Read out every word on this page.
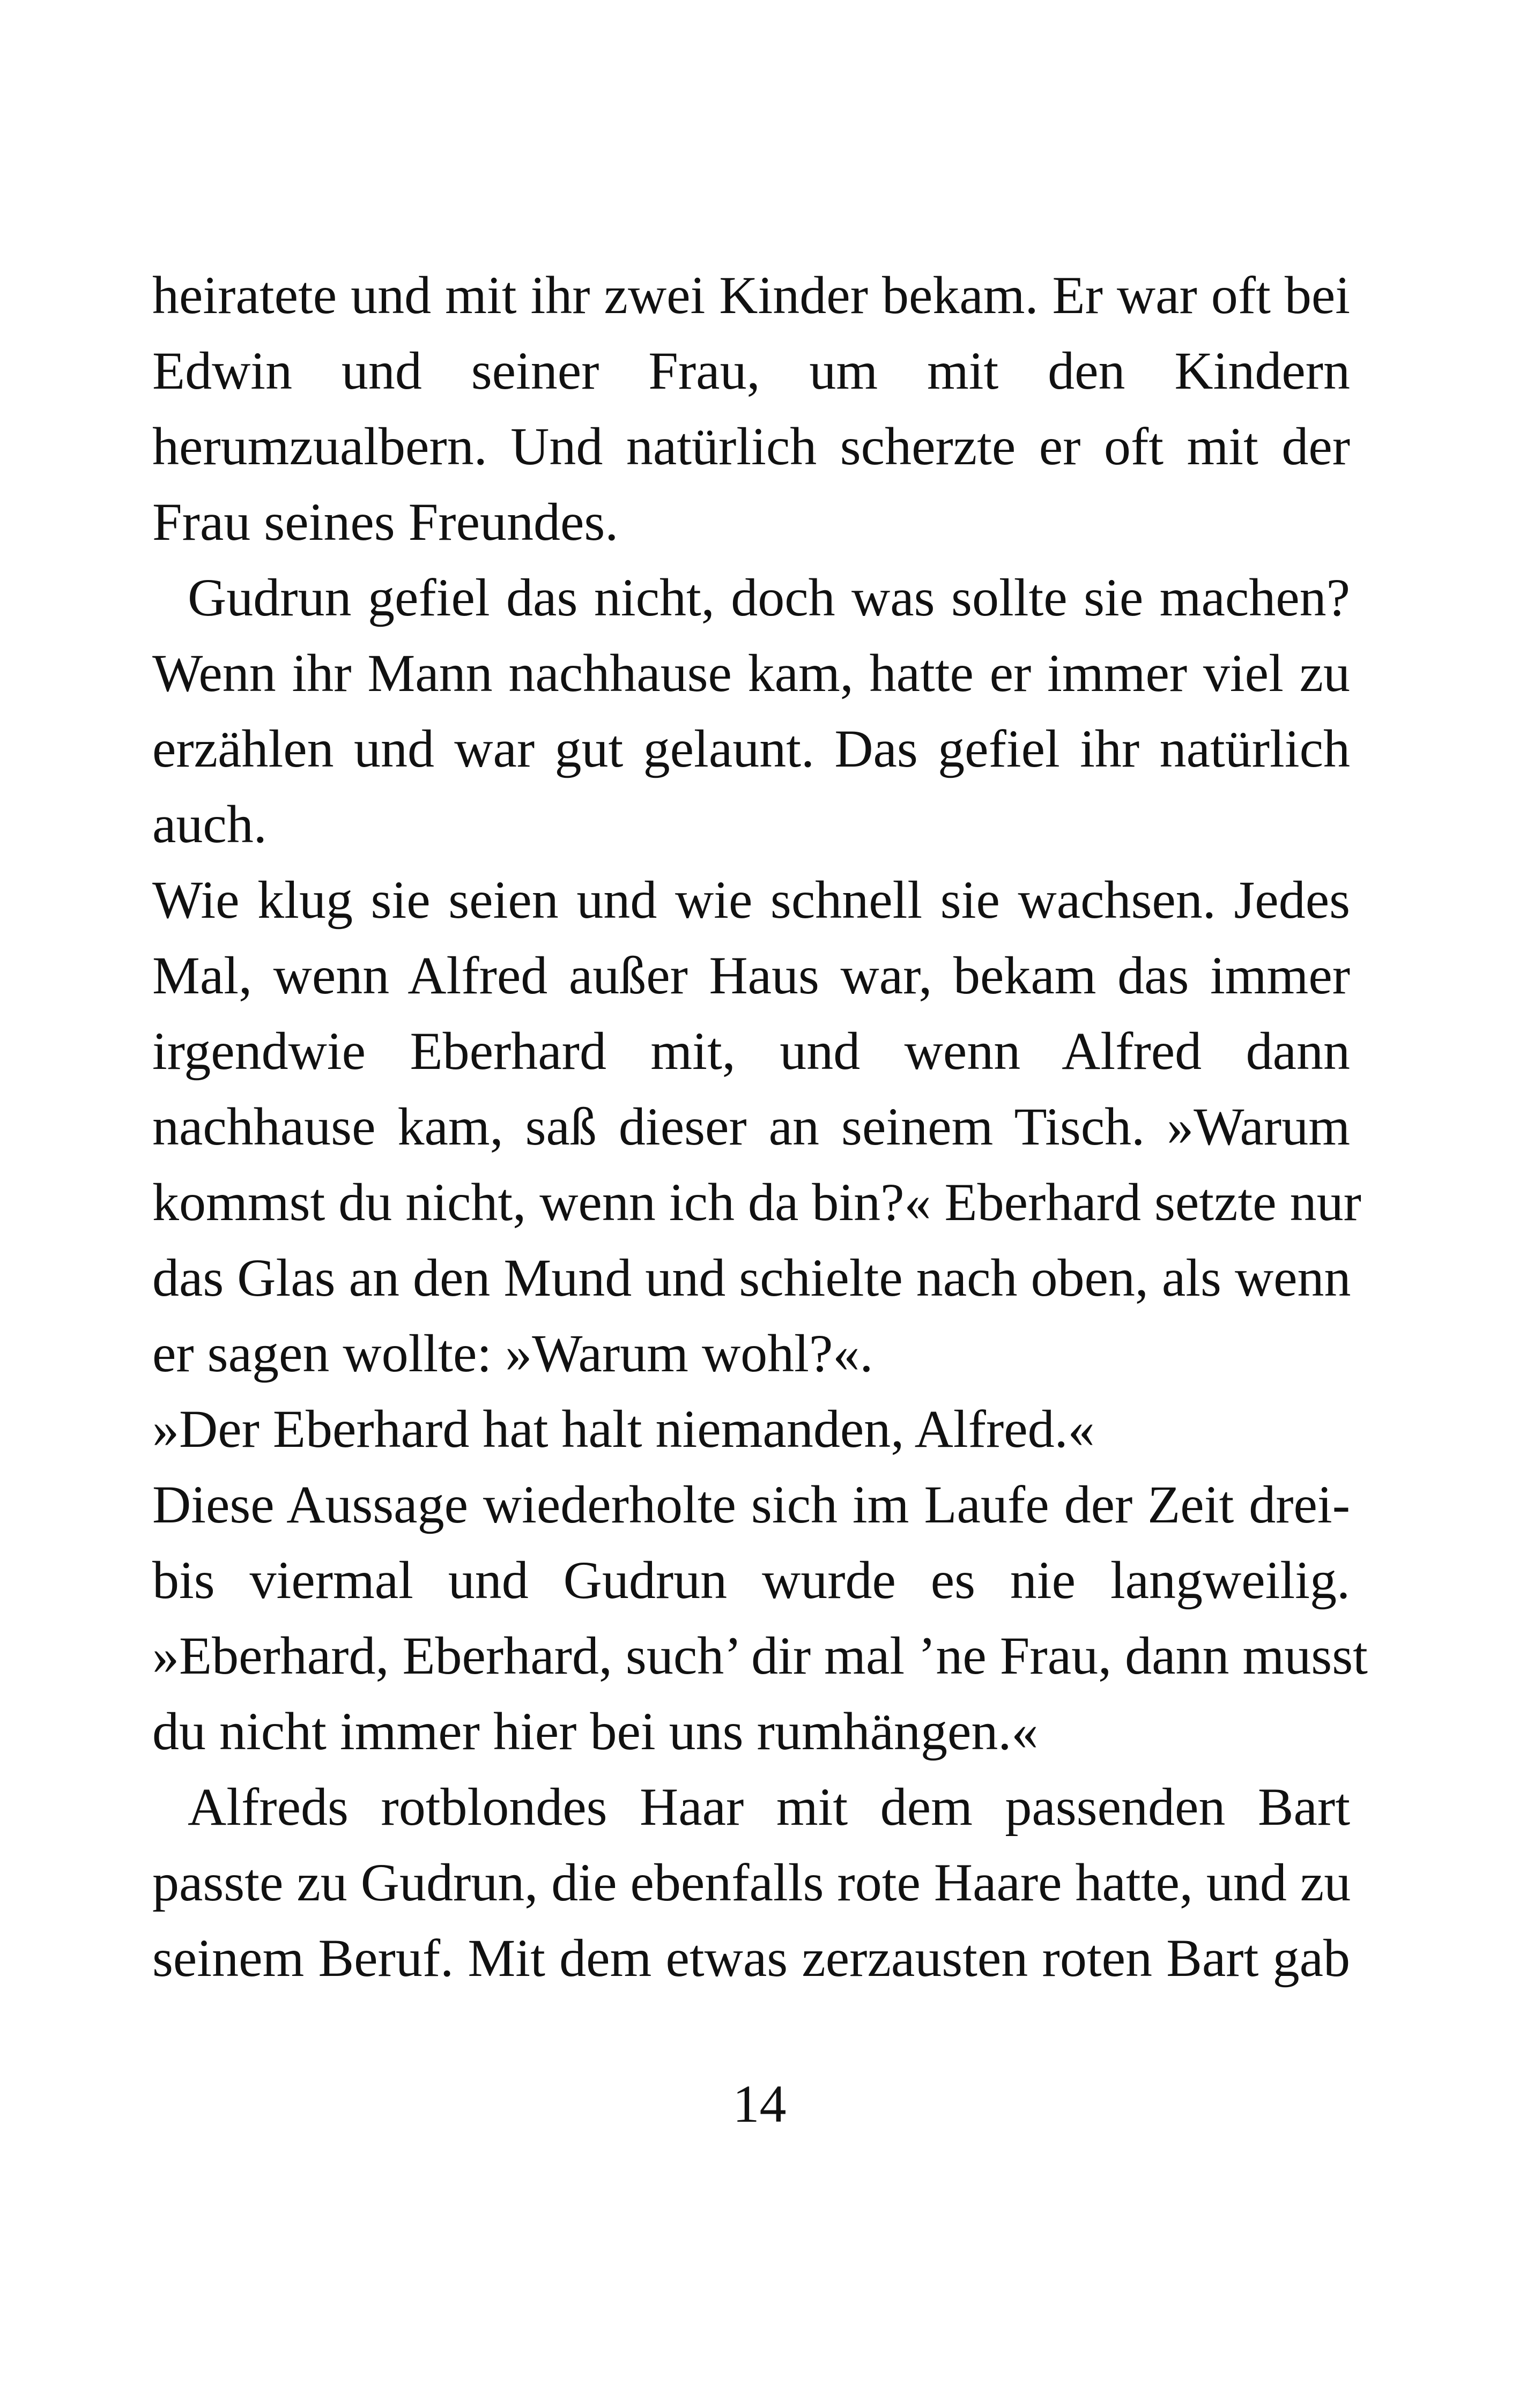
heiratete und mit ihr zwei Kinder bekam. Er war oft bei
Edwin und seiner Frau, um mit den Kindern
herumzualbern. Und natürlich scherzte er oft mit der
Frau seines Freundes.
Gudrun gefiel das nicht, doch was sollte sie machen?
Wenn ihr Mann nachhause kam, hatte er immer viel zu
erzählen und war gut gelaunt. Das gefiel ihr natürlich
auch.
Wie klug sie seien und wie schnell sie wachsen. Jedes
Mal, wenn Alfred außer Haus war, bekam das immer
irgendwie Eberhard mit, und wenn Alfred dann
nachhause kam, saß dieser an seinem Tisch. »Warum
kommst du nicht, wenn ich da bin?« Eberhard setzte nur
das Glas an den Mund und schielte nach oben, als wenn
er sagen wollte: »Warum wohl?«.
»Der Eberhard hat halt niemanden, Alfred.«
Diese Aussage wiederholte sich im Laufe der Zeit drei-
bis viermal und Gudrun wurde es nie langweilig.
»Eberhard, Eberhard, such’ dir mal ’ne Frau, dann musst
du nicht immer hier bei uns rumhängen.«
Alfreds rotblondes Haar mit dem passenden Bart
passte zu Gudrun, die ebenfalls rote Haare hatte, und zu
seinem Beruf. Mit dem etwas zerzausten roten Bart gab
14
